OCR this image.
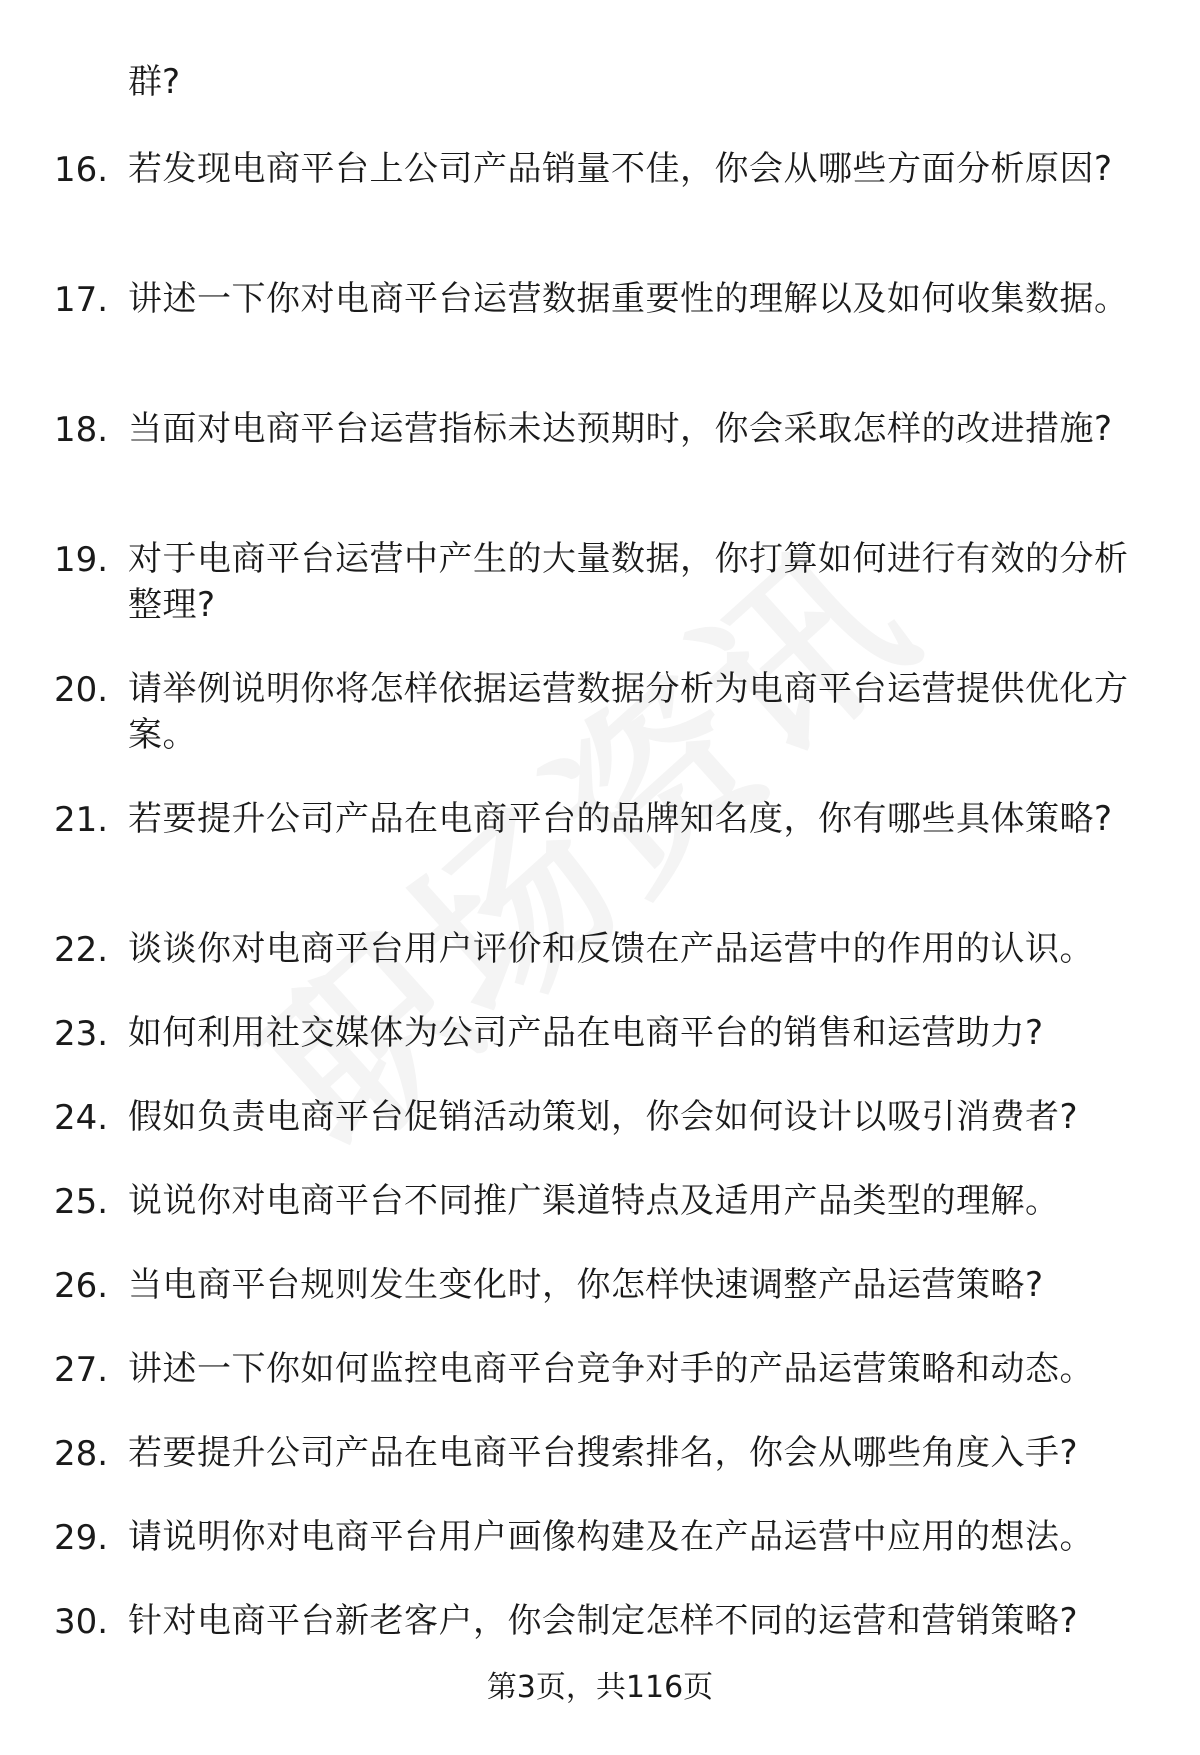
群?
16. 若发现电商平台上公司产品销量不佳，你会从哪些方面分析原因?
17. 讲述一下你对电商平台运营数据重要性的理解以及如何收集数据。
18. 当面对电商平台运营指标未达预期时，你会采取怎样的改进措施?
19. 对于电商平台运营中产生的大量数据，你打算如何进行有效的分析整理?
20. 请举例说明你将怎样依据运营数据分析为电商平台运营提供优化方案。
21. 若要提升公司产品在电商平台的品牌知名度，你有哪些具体策略?
22. 谈谈你对电商平台用户评价和反馈在产品运营中的作用的认识。
23. 如何利用社交媒体为公司产品在电商平台的销售和运营助力?
24. 假如负责电商平台促销活动策划，你会如何设计以吸引消费者?
25. 说说你对电商平台不同推广渠道特点及适用产品类型的理解。
26. 当电商平台规则发生变化时，你怎样快速调整产品运营策略?
27. 讲述一下你如何监控电商平台竞争对手的产品运营策略和动态。
28. 若要提升公司产品在电商平台搜索排名，你会从哪些角度入手?
29. 请说明你对电商平台用户画像构建及在产品运营中应用的想法。
30. 针对电商平台新老客户，你会制定怎样不同的运营和营销策略?
第3页，共116页
